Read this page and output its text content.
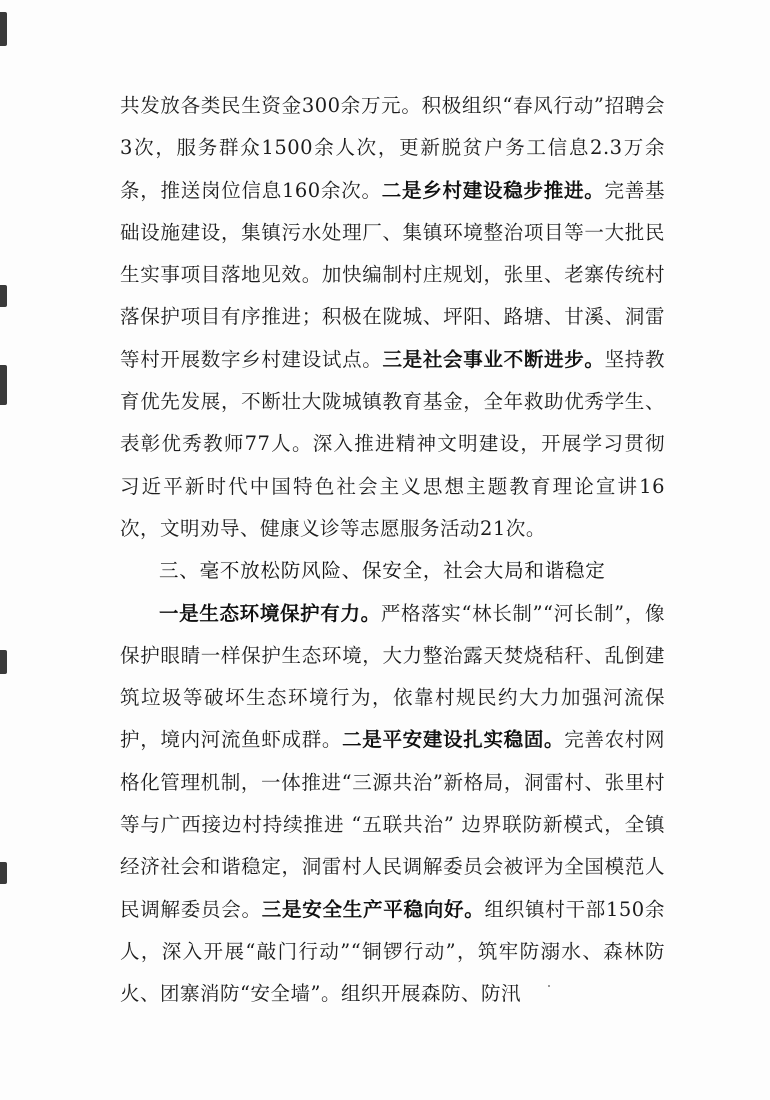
共发放各类民生资金300余万元。积极组织“春风行动”招聘会3次，服务群众1500余人次，更新脱贫户务工信息2.3万余条，推送岗位信息160余次。二是乡村建设稳步推进。完善基础设施建设，集镇污水处理厂、集镇环境整治项目等一大批民生实事项目落地见效。加快编制村庄规划，张里、老寨传统村落保护项目有序推进；积极在陇城、坪阳、路塘、甘溪、洞雷等村开展数字乡村建设试点。三是社会事业不断进步。坚持教育优先发展，不断壮大陇城镇教育基金，全年救助优秀学生、表彰优秀教师77人。深入推进精神文明建设，开展学习贯彻习近平新时代中国特色社会主义思想主题教育理论宣讲16次，文明劝导、健康义诊等志愿服务活动21次。

三、毫不放松防风险、保安全，社会大局和谐稳定

一是生态环境保护有力。严格落实“林长制”“河长制”，像保护眼睛一样保护生态环境，大力整治露天焚烧秸秆、乱倒建筑垃圾等破坏生态环境行为，依靠村规民约大力加强河流保护，境内河流鱼虾成群。二是平安建设扎实稳固。完善农村网格化管理机制，一体推进“三源共治”新格局，洞雷村、张里村等与广西接边村持续推进 “五联共治” 边界联防新模式，全镇经济社会和谐稳定，洞雷村人民调解委员会被评为全国模范人民调解委员会。三是安全生产平稳向好。组织镇村干部150余人，深入开展“敲门行动”“铜锣行动”，筑牢防溺水、森林防火、团寨消防“安全墙”。组织开展森防、防汛
